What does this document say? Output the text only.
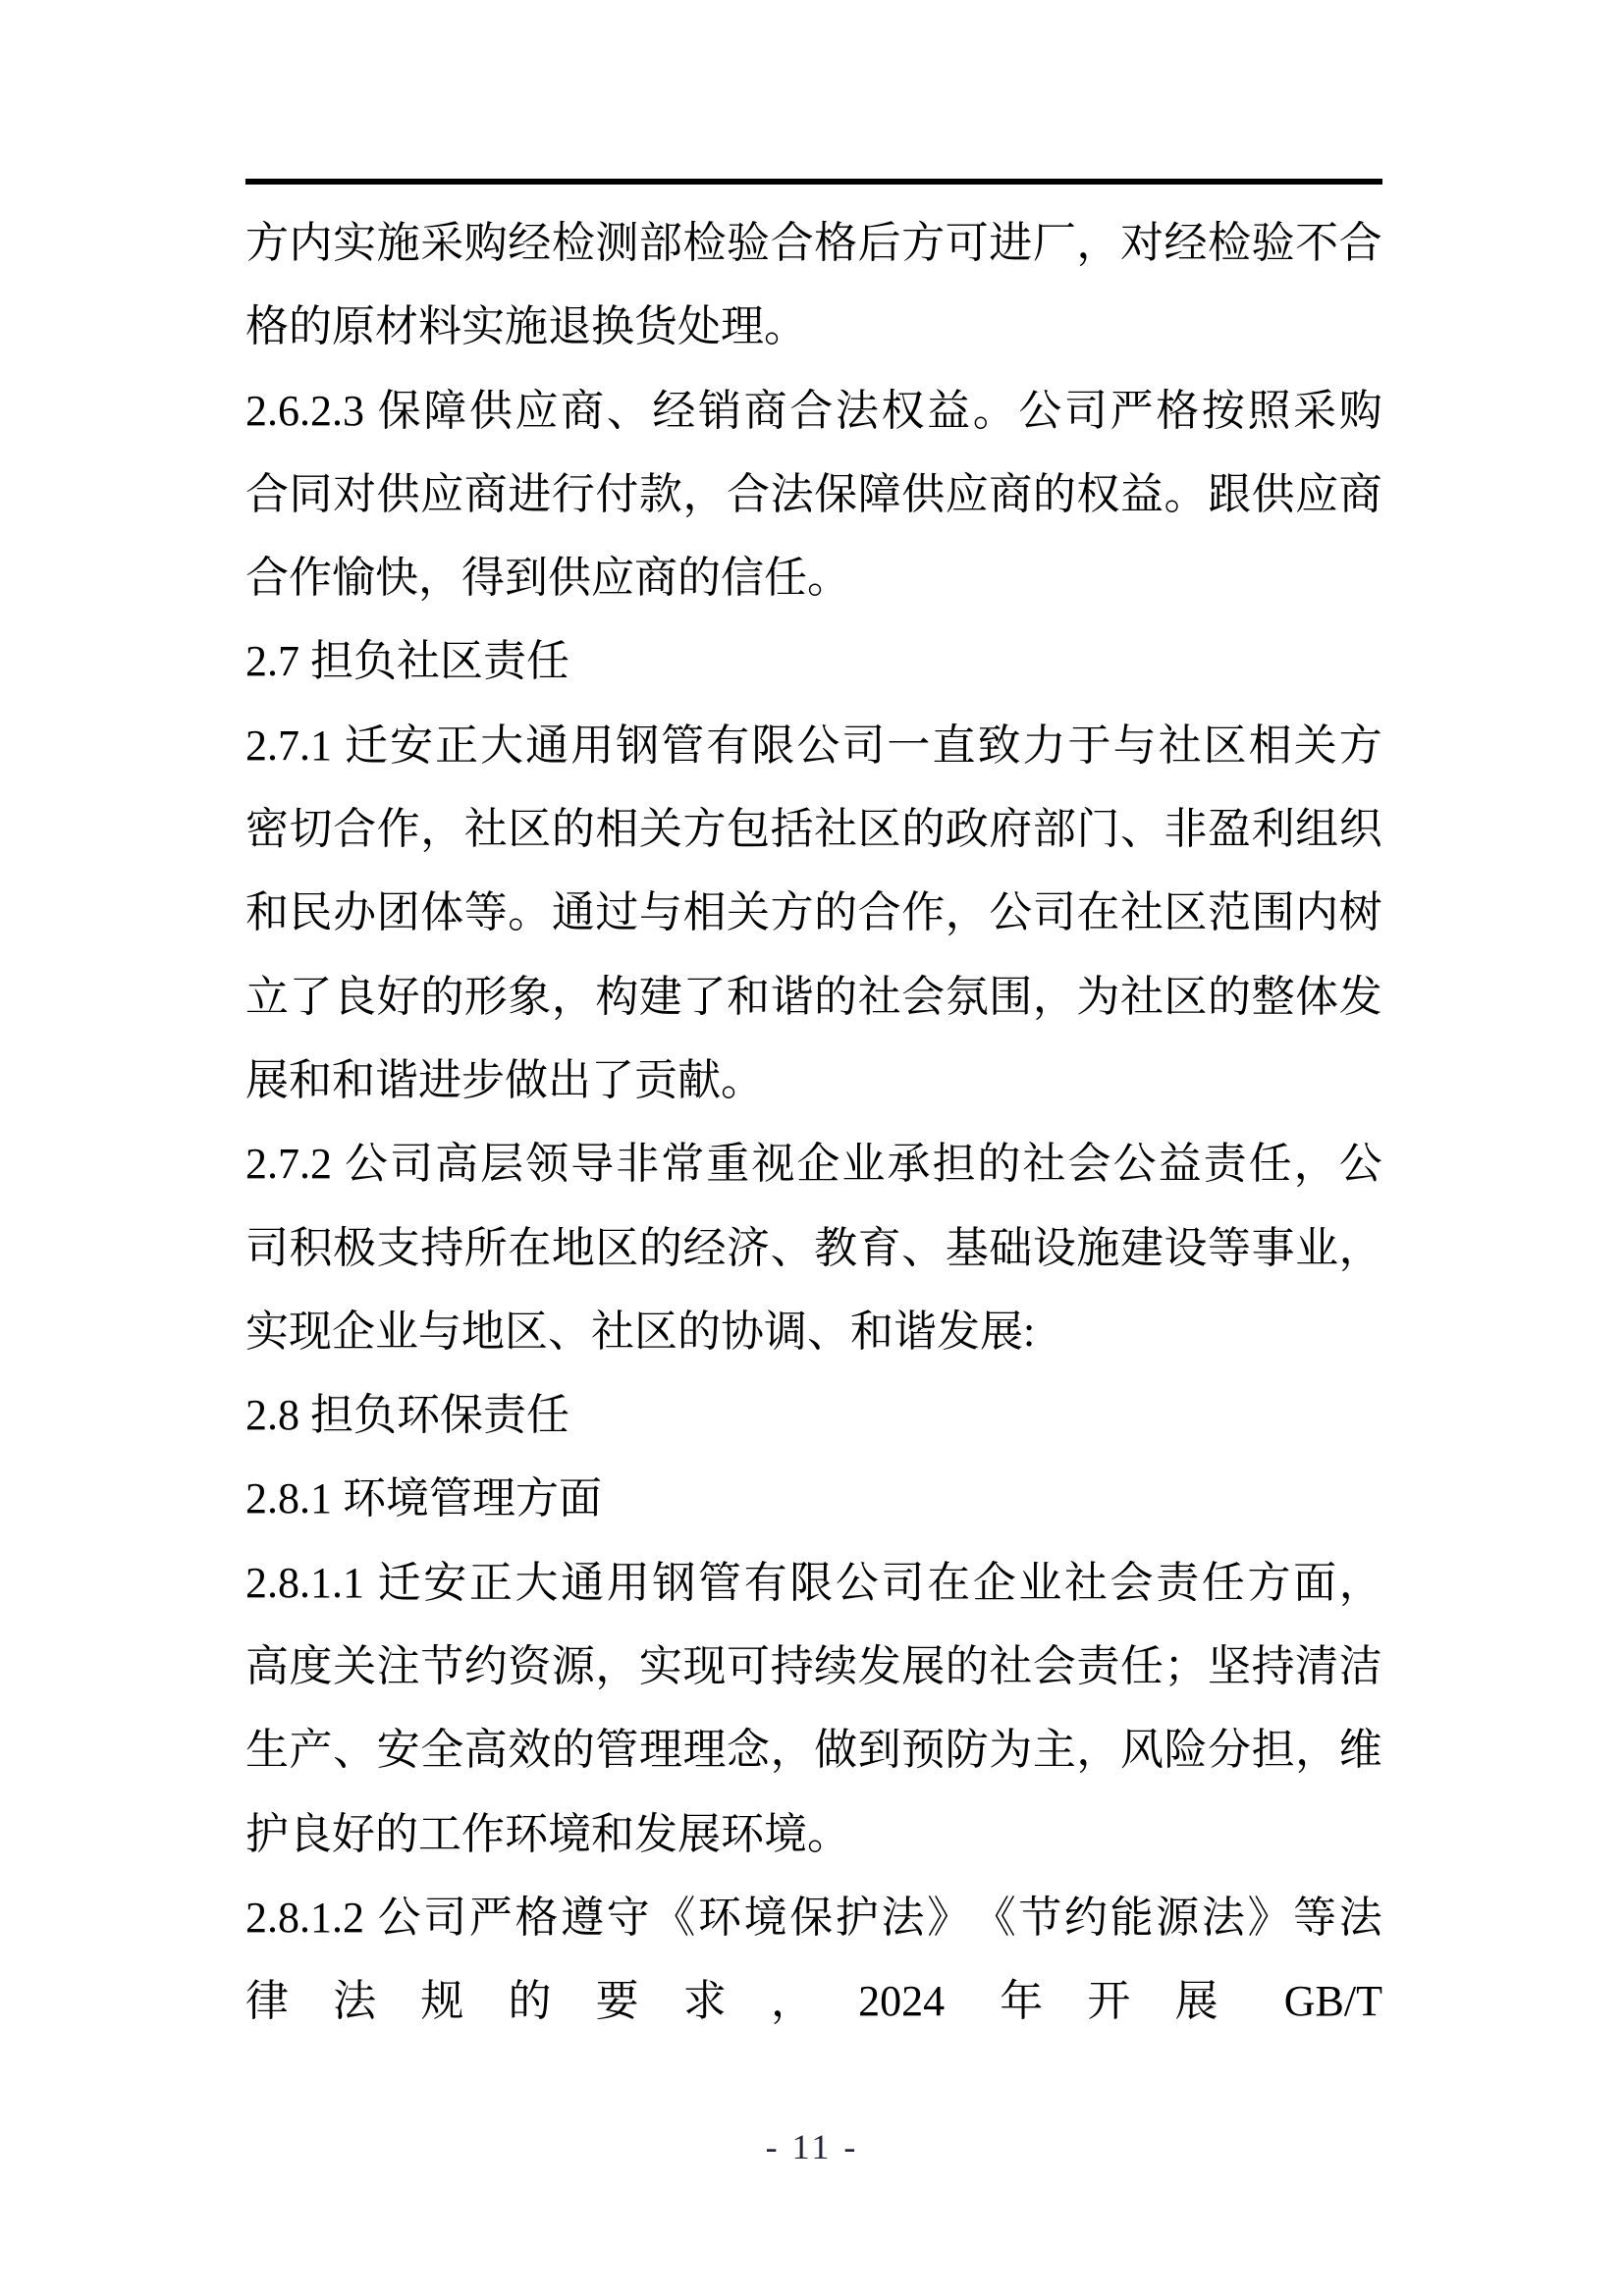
方 内 实 施 采 购 经 检 测 部 检 验 合 格 后 方 可 进 厂 ， 对 经 检 验 不 合
格的原材料实施退换货处理。
2.6.2.3 保 障 供 应 商 、 经 销 商 合 法 权 益 。 公 司 严 格 按 照 采 购
合 同 对 供 应 商 进 行 付 款 ， 合 法 保 障 供 应 商 的 权 益 。 跟 供 应 商
合作愉快，得到供应商的信任。
2.7 担负社区责任
2.7.1 迁 安 正 大 通 用 钢 管 有 限 公 司 一 直 致 力 于 与 社 区 相 关 方
密 切 合 作 ， 社 区 的 相 关 方 包 括 社 区 的 政 府 部 门 、 非 盈 利 组 织
和 民 办 团 体 等 。 通 过 与 相 关 方 的 合 作 ， 公 司 在 社 区 范 围 内 树
立 了 良 好 的 形 象 ， 构 建 了 和 谐 的 社 会 氛 围 ， 为 社 区 的 整 体 发
展和和谐进步做出了贡献。
2.7.2 公 司 高 层 领 导 非 常 重 视 企 业 承 担 的 社 会 公 益 责 任 ， 公
司 积 极 支 持 所 在 地 区 的 经 济 、 教 育 、 基 础 设 施 建 设 等 事 业 ，
实现企业与地区、社区的协调、和谐发展:
2.8 担负环保责任
2.8.1 环境管理方面
2.8.1.1 迁 安 正 大 通 用 钢 管 有 限 公 司 在 企 业 社 会 责 任 方 面 ，
高 度 关 注 节 约 资 源 ， 实 现 可 持 续 发 展 的 社 会 责 任 ； 坚 持 清 洁
生 产 、 安 全 高 效 的 管 理 理 念 ， 做 到 预 防 为 主 ， 风 险 分 担 ， 维
护良好的工作环境和发展环境。
2.8.1.2 公 司 严 格 遵 守 《 环 境 保 护 法 》 《 节 约 能 源 法 》 等 法
律 法 规 的 要 求 ， 2024 年 开 展 GB/T
- 11 -
